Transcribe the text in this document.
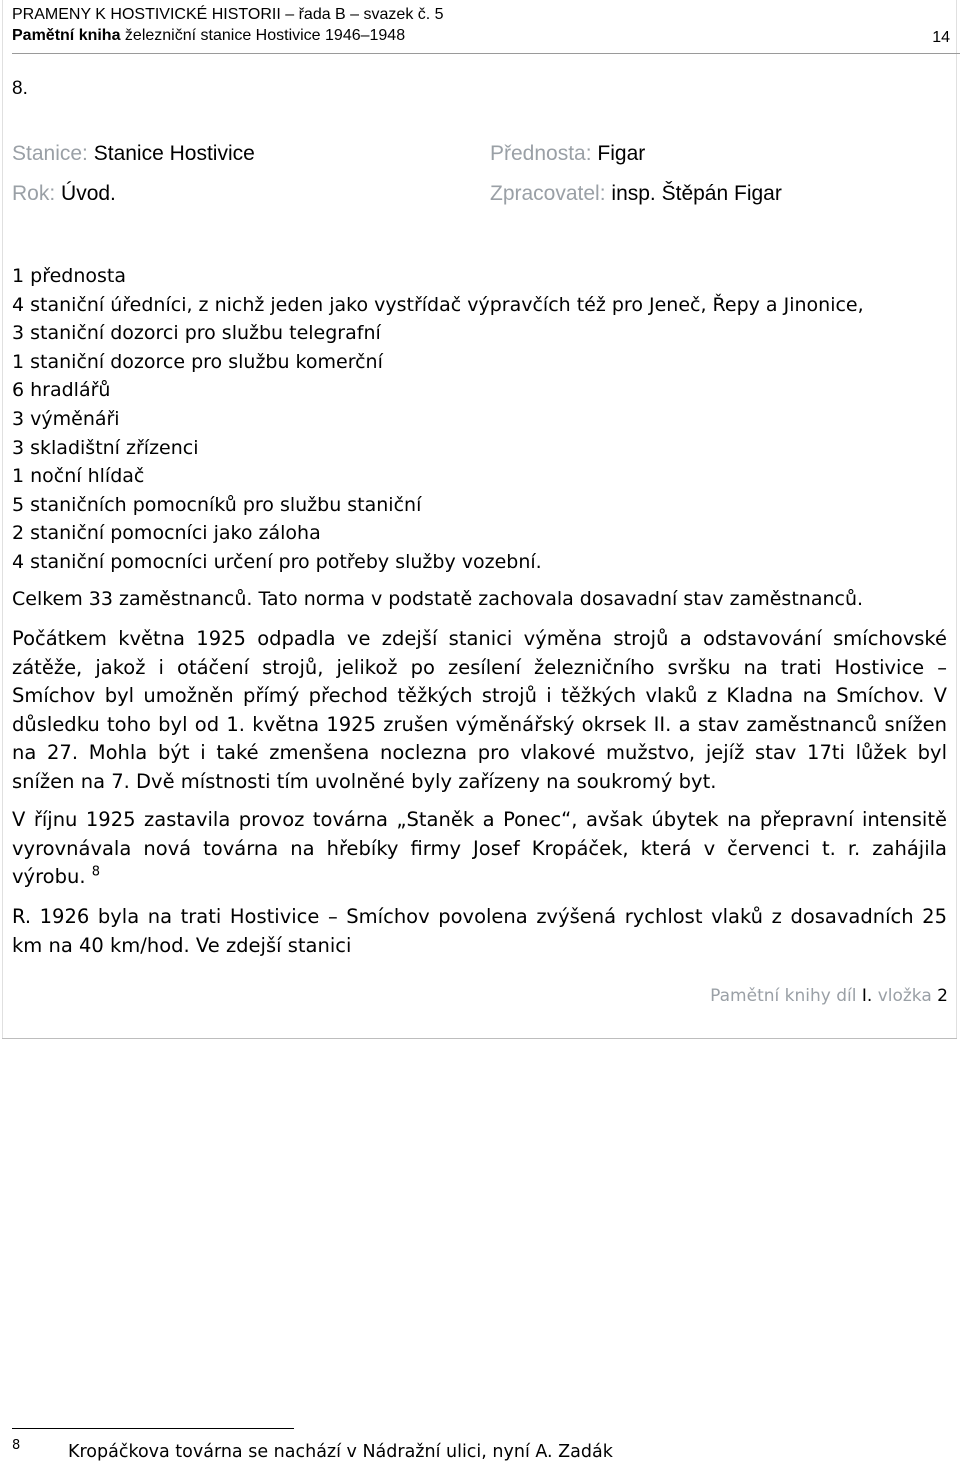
PRAMENY K HOSTIVICKÉ HISTORII – řada B – svazek č. 5
Pamětní kniha železniční stanice Hostivice 1946–1948	14
8.
Stanice: Stanice Hostivice
Rok: Úvod.
Přednosta: Figar
Zpracovatel: insp. Štěpán Figar
1 přednosta
4 staniční úředníci, z nichž jeden jako vystřídač výpravčích též pro Jeneč, Řepy a Jinonice,
3 staniční dozorci pro službu telegrafní
1 staniční dozorce pro službu komerční
6 hradlářů
3 výměnáři
3 skladištní zřízenci
1 noční hlídač
5 staničních pomocníků pro službu staniční
2 staniční pomocníci jako záloha
4 staniční pomocníci určení pro potřeby služby vozební.
Celkem 33 zaměstnanců. Tato norma v podstatě zachovala dosavadní stav zaměstnanců.
Počátkem května 1925 odpadla ve zdejší stanici výměna strojů a odstavování smíchovské zátěže, jakož i otáčení strojů, jelikož po zesílení železničního svršku na trati Hostivice – Smíchov byl umožněn přímý přechod těžkých strojů i těžkých vlaků z Kladna na Smíchov. V důsledku toho byl od 1. května 1925 zrušen výměnářský okrsek II. a stav zaměstnanců snížen na 27. Mohla být i také zmenšena noclezna pro vlakové mužstvo, jejíž stav 17ti lůžek byl snížen na 7. Dvě místnosti tím uvolněné byly zařízeny na soukromý byt.
V říjnu 1925 zastavila provoz továrna „Staněk a Ponec“, avšak úbytek na přepravní intensitě vyrovnávala nová továrna na hřebíky firmy Josef Kropáček, která v červenci t. r. zahájila výrobu. $^8$
R. 1926 byla na trati Hostivice – Smíchov povolena zvýšená rychlost vlaků z dosavadních 25 km na 40 km/hod. Ve zdejší stanici
Pamětní knihy díl I. vložka 2
8	Kropáčkova továrna se nachází v Nádražní ulici, nyní A. Zadák
